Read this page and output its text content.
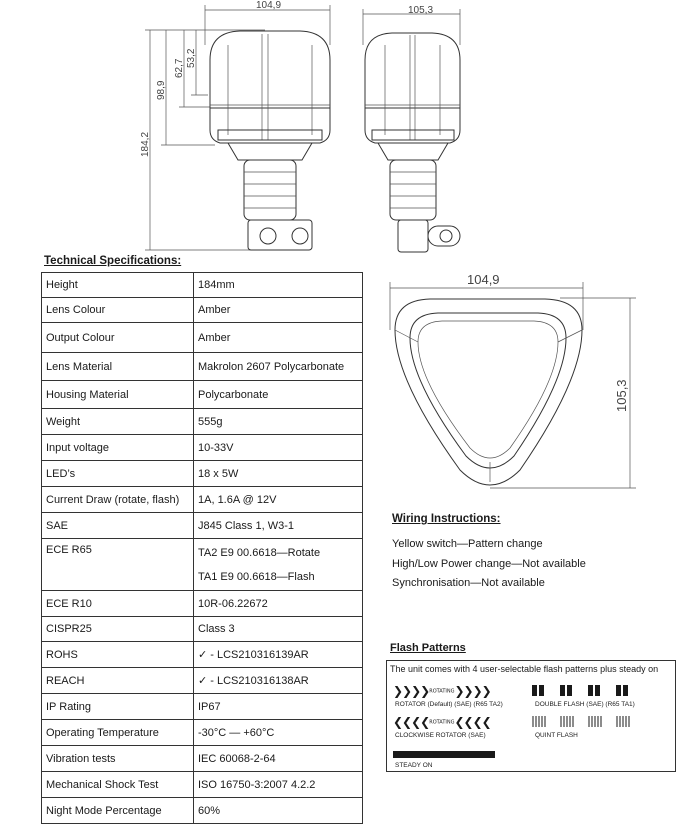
104,9
184,2
98,9
62,7
53,2
105,3
104,9
105,3
Technical Specifications:
Height	184mm
Lens Colour	Amber
Output Colour	Amber
Lens Material	Makrolon 2607 Polycarbonate
Housing Material	Polycarbonate
Weight	555g
Input voltage	10-33V
LED’s	18 x 5W
Current Draw (rotate, flash)	1A, 1.6A @ 12V
SAE	J845 Class 1, W3-1
ECE R65	TA2 E9 00.6618—Rotate
TA1 E9 00.6618—Flash

ECE R10	10R-06.22672
CISPR25	Class 3
ROHS	✓ - LCS210316139AR
REACH	✓ - LCS210316138AR
IP Rating	IP67
Operating Temperature	-30°C — +60°C
Vibration tests	IEC 60068-2-64
Mechanical Shock Test	ISO 16750-3:2007 4.2.2
Night Mode Percentage	60%
Wiring Instructions:
Yellow switch—Pattern change
High/Low Power change—Not available
Synchronisation—Not available
Flash Patterns
The unit comes with 4 user-selectable flash patterns plus steady on
❯❯❯❯ROTATING❯❯❯❯
ROTATOR (Default) (SAE) (R65 TA2)	DOUBLE FLASH (SAE) (R65 TA1)
❮❮❮❮ROTATING❮❮❮❮
CLOCKWISE ROTATOR (SAE)	QUINT FLASH
STEADY ON
